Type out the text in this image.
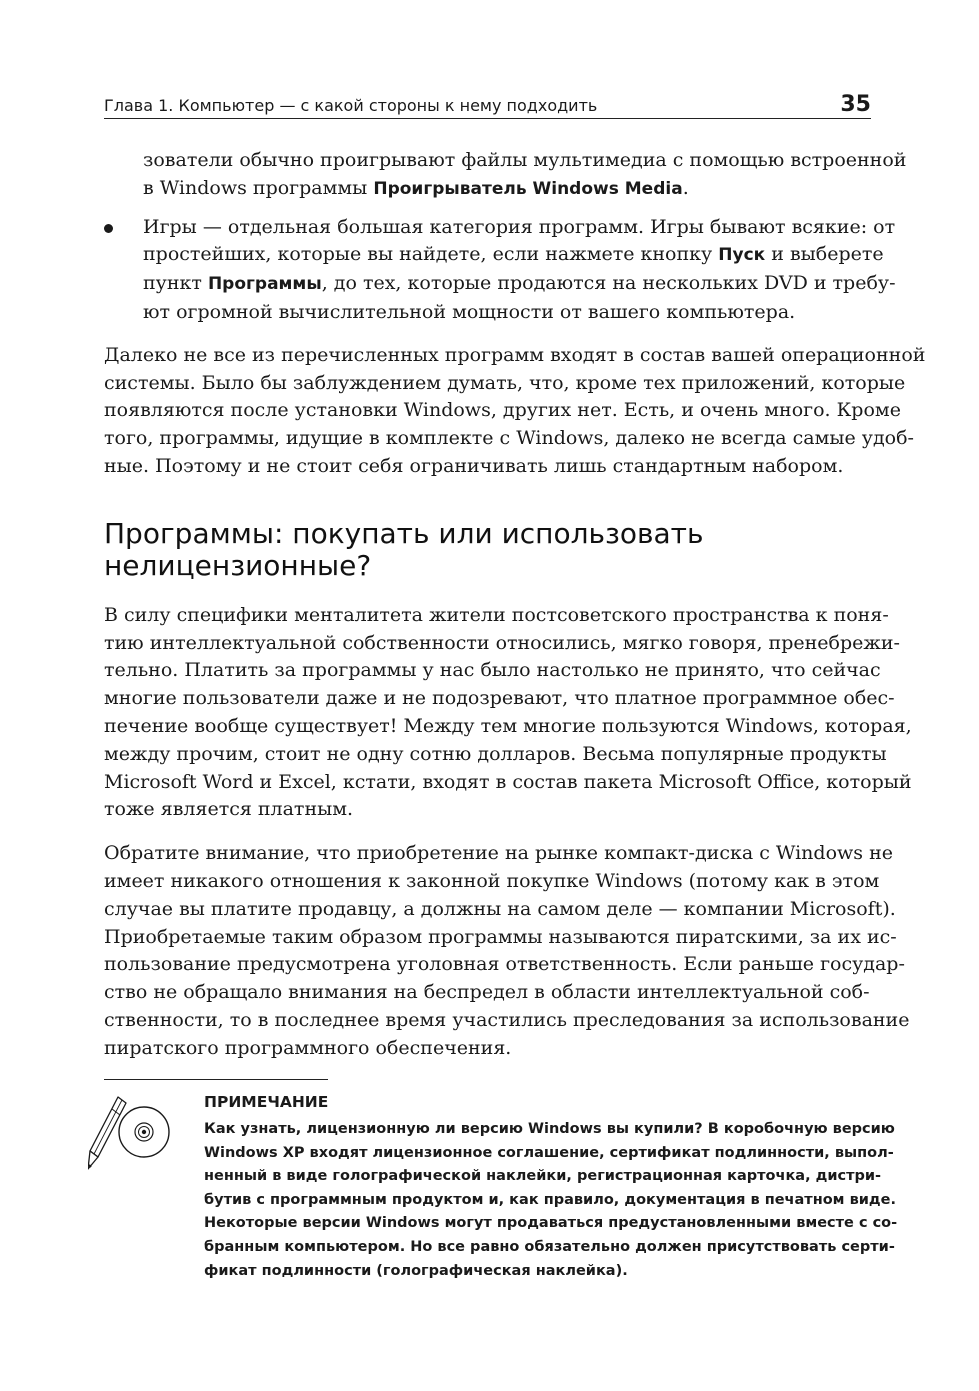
Глава 1. Компьютер — с какой стороны к нему подходить	35
зователи обычно проигрывают файлы мультимедиа с помощью встроенной
в Windows программы Проигрыватель Windows Media.
Игры — отдельная большая категория программ. Игры бывают всякие: от
простейших, которые вы найдете, если нажмете кнопку Пуск и выберете
пункт Программы, до тех, которые продаются на нескольких DVD и требу-
ют огромной вычислительной мощности от вашего компьютера.
Далеко не все из перечисленных программ входят в состав вашей операционной
системы. Было бы заблуждением думать, что, кроме тех приложений, которые
появляются после установки Windows, других нет. Есть, и очень много. Кроме
того, программы, идущие в комплекте с Windows, далеко не всегда самые удоб-
ные. Поэтому и не стоит себя ограничивать лишь стандартным набором.
Программы: покупать или использовать
нелицензионные?
В силу специфики менталитета жители постсоветского пространства к поня-
тию интеллектуальной собственности относились, мягко говоря, пренебрежи-
тельно. Платить за программы у нас было настолько не принято, что сейчас
многие пользователи даже и не подозревают, что платное программное обес-
печение вообще существует! Между тем многие пользуются Windows, которая,
между прочим, стоит не одну сотню долларов. Весьма популярные продукты
Microsoft Word и Excel, кстати, входят в состав пакета Microsoft Office, который
тоже является платным.
Обратите внимание, что приобретение на рынке компакт-диска с Windows не
имеет никакого отношения к законной покупке Windows (потому как в этом
случае вы платите продавцу, а должны на самом деле — компании Microsoft).
Приобретаемые таким образом программы называются пиратскими, за их ис-
пользование предусмотрена уголовная ответственность. Если раньше государ-
ство не обращало внимания на беспредел в области интеллектуальной соб-
ственности, то в последнее время участились преследования за использование
пиратского программного обеспечения.
ПРИМЕЧАНИЕ
Как узнать, лицензионную ли версию Windows вы купили? В коробочную версию
Windows XP входят лицензионное соглашение, сертификат подлинности, выпол-
ненный в виде голографической наклейки, регистрационная карточка, дистри-
бутив с программным продуктом и, как правило, документация в печатном виде.
Некоторые версии Windows могут продаваться предустановленными вместе с со-
бранным компьютером. Но все равно обязательно должен присутствовать серти-
фикат подлинности (голографическая наклейка).
